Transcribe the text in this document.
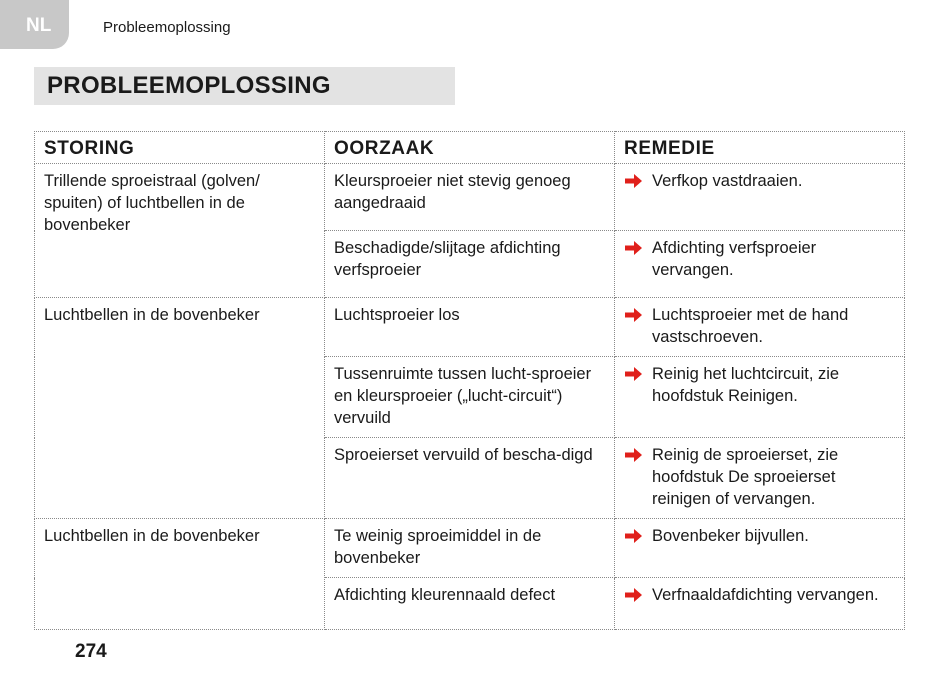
NL	Probleemoplossing
PROBLEEMOPLOSSING
STORING	OORZAAK	REMEDIE
Trillende sproeistraal (golven/ spuiten) of luchtbellen in de bovenbeker	Kleursproeier niet stevig genoeg aangedraaid	Verfkop vastdraaien.

	Beschadigde/slijtage afdichting verfsproeier	Afdichting verfsproeier vervangen.

Luchtbellen in de bovenbeker	Luchtsproeier los	Luchtsproeier met de hand vastschroeven.

	Tussenruimte tussen lucht-sproeier en kleursproeier („lucht-circuit“) vervuild	Reinig het luchtcircuit, zie hoofdstuk Reinigen.

	Sproeierset vervuild of bescha-digd	Reinig de sproeierset, zie hoofdstuk De sproeierset reinigen of vervangen.

Luchtbellen in de bovenbeker	Te weinig sproeimiddel in de bovenbeker	Bovenbeker bijvullen.

	Afdichting kleurennaald defect	Verfnaaldafdichting vervangen.
274
